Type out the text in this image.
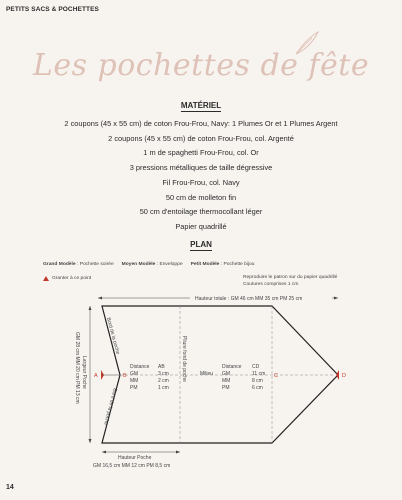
PETITS SACS & POCHETTES
Les pochettes de fête
MATÉRIEL
2 coupons (45 x 55 cm) de coton Frou-Frou, Navy: 1 Plumes Or et 1 Plumes Argent
2 coupons (45 x 55 cm) de coton Frou-Frou, col. Argenté
1 m de spaghetti Frou-Frou, col. Or
3 pressions métalliques de taille dégressive
Fil Frou-Frou, col. Navy
50 cm de molleton fin
50 cm d'entoilage thermocollant léger
Papier quadrillé
PLAN
Grand Modèle : Pochette soirée Moyen Modèle : Enveloppe Petit Modèle : Pochette bijou
Granter à ce point	Reproduire le patron sur du papier quadrillé
Coutures comprises 1 cm
Hauteur totale : GM 46 cm MM 35 cm PM 25 cm
GM 28 cm MM 20 cm PM 13 cm Largeur Poche
Bord de la poche
Bord de la poche
Pliure fond de poche
A	B
Distance AB
GM	3 cm
MM	2 cm
PM	1 cm
Distance CD
Milieu GM	11 cm
MM	8 cm
PM	6 cm
C	D
Hauteur Poche
GM 16,5 cm MM 12 cm PM 8,5 cm
14
